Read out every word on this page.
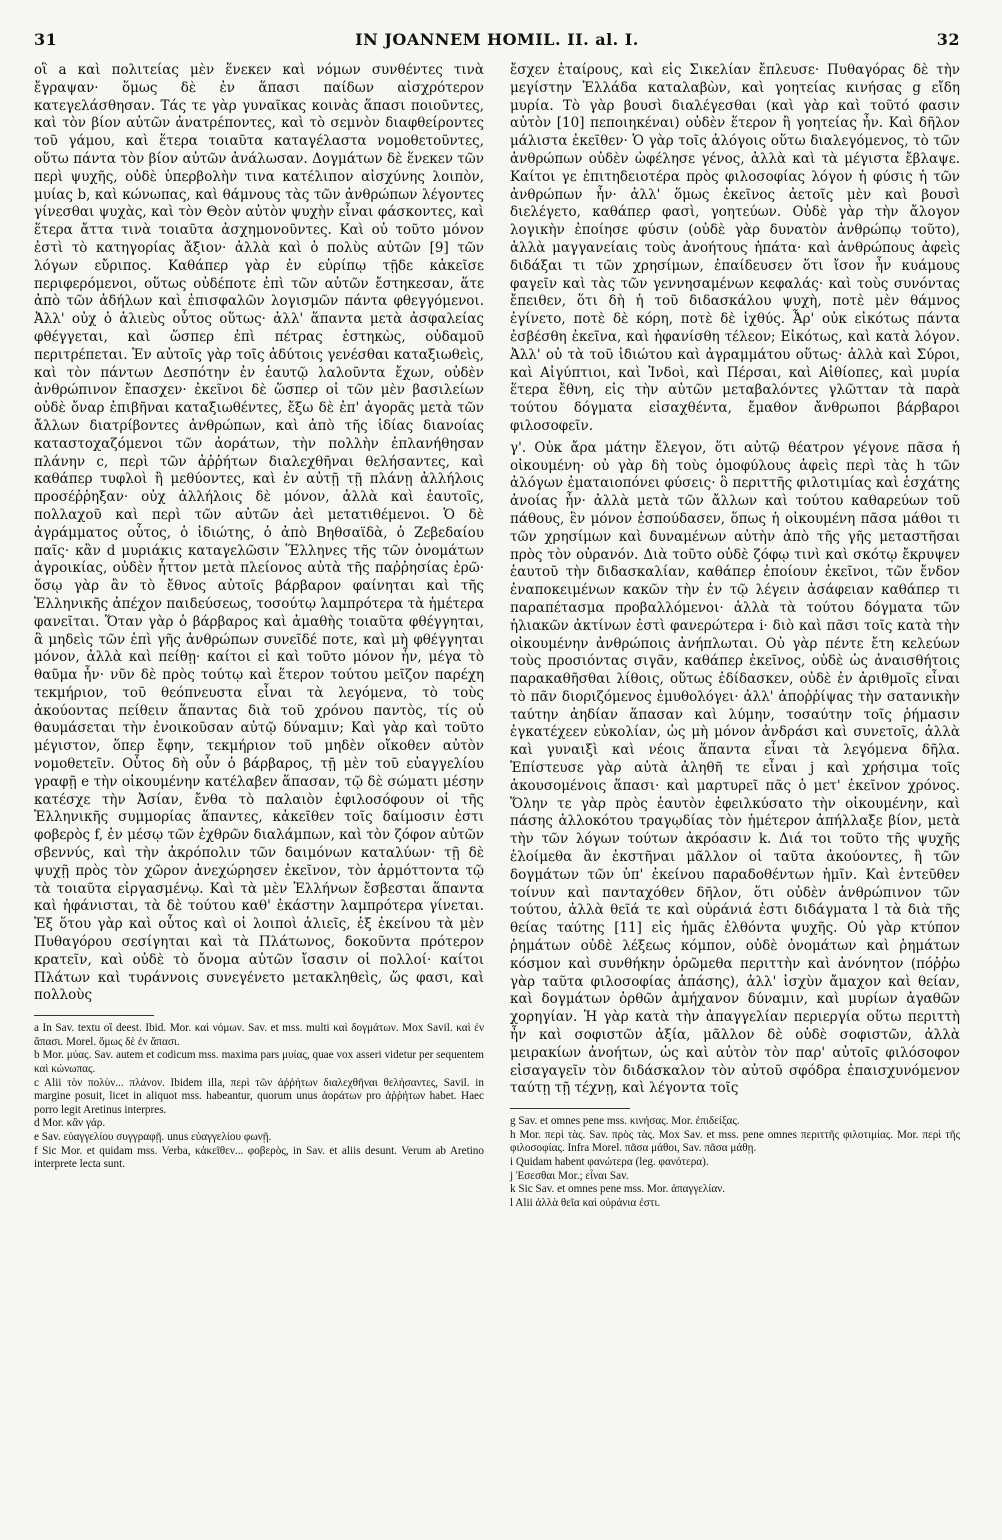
31	IN JOANNEM HOMIL. II. al. I.	32

οἳ a καὶ πολιτείας μὲν ἕνεκεν καὶ νόμων συνθέντες τινὰ ἔγραψαν· ὅμως δὲ ἐν ἅπασι παίδων αἰσχρότερον κατεγελάσθησαν. Τάς τε γὰρ γυναῖκας κοινὰς ἅπασι ποιοῦντες, καὶ τὸν βίον αὐτῶν ἀνατρέποντες, καὶ τὸ σεμνὸν διαφθείροντες τοῦ γάμου, καὶ ἕτερα τοιαῦτα καταγέλαστα νομοθετοῦντες, οὕτω πάντα τὸν βίον αὐτῶν ἀνάλωσαν. Δογμάτων δὲ ἕνεκεν τῶν περὶ ψυχῆς, οὐδὲ ὑπερβολὴν τινα κατέλιπον αἰσχύνης λοιπὸν, μυίας b, καὶ κώνωπας, καὶ θάμνους τὰς τῶν ἀνθρώπων λέγοντες γίνεσθαι ψυχὰς, καὶ τὸν Θεὸν αὐτὸν ψυχὴν εἶναι φάσκοντες, καὶ ἕτερα ἄττα τινὰ τοιαῦτα ἀσχημονοῦντες. Καὶ οὐ τοῦτο μόνον ἐστὶ τὸ κατηγορίας ἄξιον· ἀλλὰ καὶ ὁ πολὺς αὐτῶν [9] τῶν λόγων εὔριπος. Καθάπερ γὰρ ἐν εὐρίπῳ τῇδε κἀκεῖσε περιφερόμενοι, οὕτως οὐδέποτε ἐπὶ τῶν αὐτῶν ἔστηκεσαν, ἅτε ἀπὸ τῶν ἀδήλων καὶ ἐπισφαλῶν λογισμῶν πάντα φθεγγόμενοι. Ἀλλ' οὐχ ὁ ἁλιεὺς οὗτος οὕτως· ἀλλ' ἅπαντα μετὰ ἀσφαλείας φθέγγεται, καὶ ὥσπερ ἐπὶ πέτρας ἑστηκὼς, οὐδαμοῦ περιτρέπεται. Ἐν αὐτοῖς γὰρ τοῖς ἀδύτοις γενέσθαι καταξιωθεὶς, καὶ τὸν πάντων Δεσπότην ἐν ἑαυτῷ λαλοῦντα ἔχων, οὐδὲν ἀνθρώπινον ἔπασχεν· ἐκεῖνοι δὲ ὥσπερ οἱ τῶν μὲν βασιλείων οὐδὲ ὄναρ ἐπιβῆναι καταξιωθέντες, ἔξω δὲ ἐπ' ἀγορᾶς μετὰ τῶν ἄλλων διατρίβοντες ἀνθρώπων, καὶ ἀπὸ τῆς ἰδίας διανοίας καταστοχαζόμενοι τῶν ἀοράτων, τὴν πολλὴν ἐπλανήθησαν πλάνην c, περὶ τῶν ἀῤῥήτων διαλεχθῆναι θελήσαντες, καὶ καθάπερ τυφλοὶ ἢ μεθύοντες, καὶ ἐν αὐτῇ τῇ πλάνῃ ἀλλήλοις προσέῤῥηξαν· οὐχ ἀλλήλοις δὲ μόνον, ἀλλὰ καὶ ἑαυτοῖς, πολλαχοῦ καὶ περὶ τῶν αὐτῶν ἀεὶ μετατιθέμενοι. Ὁ δὲ ἀγράμματος οὗτος, ὁ ἰδιώτης, ὁ ἀπὸ Βηθσαϊδὰ, ὁ Ζεβεδαίου παῖς· κἂν d μυριάκις καταγελῶσιν Ἕλληνες τῆς τῶν ὀνομάτων ἀγροικίας, οὐδὲν ἧττον μετὰ πλείονος αὐτὰ τῆς παῤῥησίας ἐρῶ· ὅσῳ γὰρ ἂν τὸ ἔθνος αὐτοῖς βάρβαρον φαίνηται καὶ τῆς Ἑλληνικῆς ἀπέχον παιδεύσεως, τοσούτῳ λαμπρότερα τὰ ἡμέτερα φανεῖται. Ὅταν γὰρ ὁ βάρβαρος καὶ ἀμαθὴς τοιαῦτα φθέγγηται, ἃ μηδεὶς τῶν ἐπὶ γῆς ἀνθρώπων συνεῖδέ ποτε, καὶ μὴ φθέγγηται μόνον, ἀλλὰ καὶ πείθῃ· καίτοι εἰ καὶ τοῦτο μόνον ἦν, μέγα τὸ θαῦμα ἦν· νῦν δὲ πρὸς τούτῳ καὶ ἕτερον τούτου μεῖζον παρέχη τεκμήριον, τοῦ θεόπνευστα εἶναι τὰ λεγόμενα, τὸ τοὺς ἀκούοντας πείθειν ἅπαντας διὰ τοῦ χρόνου παντὸς, τίς οὐ θαυμάσεται τὴν ἐνοικοῦσαν αὐτῷ δύναμιν; Καὶ γὰρ καὶ τοῦτο μέγιστον, ὅπερ ἔφην, τεκμήριον τοῦ μηδὲν οἴκοθεν αὐτὸν νομοθετεῖν. Οὗτος δὴ οὖν ὁ βάρβαρος, τῇ μὲν τοῦ εὐαγγελίου γραφῇ e τὴν οἰκουμένην κατέλαβεν ἅπασαν, τῷ δὲ σώματι μέσην κατέσχε τὴν Ἀσίαν, ἔνθα τὸ παλαιὸν ἐφιλοσόφουν οἱ τῆς Ἑλληνικῆς συμμορίας ἅπαντες, κἀκεῖθεν τοῖς δαίμοσιν ἐστι φοβερὸς f, ἐν μέσῳ τῶν ἐχθρῶν διαλάμπων, καὶ τὸν ζόφον αὐτῶν σβεννύς, καὶ τὴν ἀκρόπολιν τῶν δαιμόνων καταλύων· τῇ δὲ ψυχῇ πρὸς τὸν χῶρον ἀνεχώρησεν ἐκεῖνον, τὸν ἁρμόττοντα τῷ τὰ τοιαῦτα εἰργασμένῳ. Καὶ τὰ μὲν Ἑλλήνων ἔσβεσται ἅπαντα καὶ ἠφάνισται, τὰ δὲ τούτου καθ' ἑκάστην λαμπρότερα γίνεται. Ἐξ ὅτου γὰρ καὶ οὗτος καὶ οἱ λοιποὶ ἁλιεῖς, ἐξ ἐκείνου τὰ μὲν Πυθαγόρου σεσίγηται καὶ τὰ Πλάτωνος, δοκοῦντα πρότερον κρατεῖν, καὶ οὐδὲ τὸ ὄνομα αὐτῶν ἴσασιν οἱ πολλοί· καίτοι Πλάτων καὶ τυράννοις συνεγένετο μετακληθεὶς, ὥς φασι, καὶ πολλοὺς

a In Sav. textu οἳ deest. Ibid. Mor. καὶ νόμων. Sav. et mss. multi καὶ δογμάτων. Mox Savil. καὶ ἐν ἅπασι. Morel. ὅμως δὲ ἐν ἅπασι.

b Mor. μύας. Sav. autem et codicum mss. maxima pars μυίας, quae vox asseri videtur per sequentem καὶ κώνωπας.

c Alii τὸν πολὺν... πλάνον. Ibidem illa, περὶ τῶν ἀῤῥήτων διαλεχθῆναι θελήσαντες, Savil. in margine posuit, licet in aliquot mss. habeantur, quorum unus ἀοράτων pro ἀῤῥήτων habet. Haec porro legit Aretinus interpres.

d Mor. κἂν γάρ.

e Sav. εὐαγγελίου συγγραφῇ. unus εὐαγγελίου φωνῇ.

f Sic Mor. et quidam mss. Verba, κἀκεῖθεν... φοβερὸς, in Sav. et aliis desunt. Verum ab Aretino interprete lecta sunt.

ἔσχεν ἑταίρους, καὶ εἰς Σικελίαν ἔπλευσε· Πυθαγόρας δὲ τὴν μεγίστην Ἑλλάδα καταλαβὼν, καὶ γοητείας κινήσας g εἴδη μυρία. Τὸ γὰρ βουσὶ διαλέγεσθαι (καὶ γὰρ καὶ τοῦτό φασιν αὐτὸν [10] πεποιηκέναι) οὐδὲν ἕτερον ἢ γοητείας ἦν. Καὶ δῆλον μάλιστα ἐκεῖθεν· Ὁ γὰρ τοῖς ἀλόγοις οὕτω διαλεγόμενος, τὸ τῶν ἀνθρώπων οὐδὲν ὠφέλησε γένος, ἀλλὰ καὶ τὰ μέγιστα ἔβλαψε. Καίτοι γε ἐπιτηδειοτέρα πρὸς φιλοσοφίας λόγον ἡ φύσις ἡ τῶν ἀνθρώπων ἦν· ἀλλ' ὅμως ἐκεῖνος ἀετοῖς μὲν καὶ βουσὶ διελέγετο, καθάπερ φασὶ, γοητεύων. Οὐδὲ γὰρ τὴν ἄλογον λογικὴν ἐποίησε φύσιν (οὐδὲ γὰρ δυνατὸν ἀνθρώπῳ τοῦτο), ἀλλὰ μαγγανείαις τοὺς ἀνοήτους ἠπάτα· καὶ ἀνθρώπους ἀφεὶς διδάξαι τι τῶν χρησίμων, ἐπαίδευσεν ὅτι ἴσον ἦν κυάμους φαγεῖν καὶ τὰς τῶν γεννησαμένων κεφαλάς· καὶ τοὺς συνόντας ἔπειθεν, ὅτι δὴ ἡ τοῦ διδασκάλου ψυχὴ, ποτὲ μὲν θάμνος ἐγίνετο, ποτὲ δὲ κόρη, ποτὲ δὲ ἰχθύς. Ἆρ' οὐκ εἰκότως πάντα ἐσβέσθη ἐκεῖνα, καὶ ἠφανίσθη τέλεον; Εἰκότως, καὶ κατὰ λόγον. Ἀλλ' οὐ τὰ τοῦ ἰδιώτου καὶ ἀγραμμάτου οὕτως· ἀλλὰ καὶ Σύροι, καὶ Αἰγύπτιοι, καὶ Ἰνδοὶ, καὶ Πέρσαι, καὶ Αἰθίοπες, καὶ μυρία ἕτερα ἔθνη, εἰς τὴν αὐτῶν μεταβαλόντες γλῶτταν τὰ παρὰ τούτου δόγματα εἰσαχθέντα, ἔμαθον ἄνθρωποι βάρβαροι φιλοσοφεῖν.

γ'. Οὐκ ἄρα μάτην ἔλεγον, ὅτι αὐτῷ θέατρον γέγονε πᾶσα ἡ οἰκουμένη· οὐ γὰρ δὴ τοὺς ὁμοφύλους ἀφεὶς περὶ τὰς h τῶν ἀλόγων ἐματαιοπόνει φύσεις· ὃ περιττῆς φιλοτιμίας καὶ ἐσχάτης ἀνοίας ἦν· ἀλλὰ μετὰ τῶν ἄλλων καὶ τούτου καθαρεύων τοῦ πάθους, ἓν μόνον ἐσπούδασεν, ὅπως ἡ οἰκουμένη πᾶσα μάθοι τι τῶν χρησίμων καὶ δυναμένων αὐτὴν ἀπὸ τῆς γῆς μεταστῆσαι πρὸς τὸν οὐρανόν. Διὰ τοῦτο οὐδὲ ζόφῳ τινὶ καὶ σκότῳ ἔκρυψεν ἑαυτοῦ τὴν διδασκαλίαν, καθάπερ ἐποίουν ἐκεῖνοι, τῶν ἔνδον ἐναποκειμένων κακῶν τὴν ἐν τῷ λέγειν ἀσάφειαν καθάπερ τι παραπέτασμα προβαλλόμενοι· ἀλλὰ τὰ τούτου δόγματα τῶν ἡλιακῶν ἀκτίνων ἐστὶ φανερώτερα i· διὸ καὶ πᾶσι τοῖς κατὰ τὴν οἰκουμένην ἀνθρώποις ἀνήπλωται. Οὐ γὰρ πέντε ἔτη κελεύων τοὺς προσιόντας σιγᾶν, καθάπερ ἐκεῖνος, οὐδὲ ὡς ἀναισθήτοις παρακαθῆσθαι λίθοις, οὕτως ἐδίδασκεν, οὐδὲ ἐν ἀριθμοῖς εἶναι τὸ πᾶν διοριζόμενος ἐμυθολόγει· ἀλλ' ἀποῤῥίψας τὴν σατανικὴν ταύτην ἀηδίαν ἅπασαν καὶ λύμην, τοσαύτην τοῖς ῥήμασιν ἐγκατέχεεν εὐκολίαν, ὡς μὴ μόνον ἀνδράσι καὶ συνετοῖς, ἀλλὰ καὶ γυναιξὶ καὶ νέοις ἅπαντα εἶναι τὰ λεγόμενα δῆλα. Ἐπίστευσε γὰρ αὐτὰ ἀληθῆ τε εἶναι j καὶ χρήσιμα τοῖς ἀκουσομένοις ἅπασι· καὶ μαρτυρεῖ πᾶς ὁ μετ' ἐκεῖνον χρόνος. Ὅλην τε γὰρ πρὸς ἑαυτὸν ἐφειλκύσατο τὴν οἰκουμένην, καὶ πάσης ἀλλοκότου τραγῳδίας τὸν ἡμέτερον ἀπήλλαξε βίον, μετὰ τὴν τῶν λόγων τούτων ἀκρόασιν k. Διά τοι τοῦτο τῆς ψυχῆς ἑλοίμεθα ἂν ἐκστῆναι μᾶλλον οἱ ταῦτα ἀκούοντες, ἢ τῶν δογμάτων τῶν ὑπ' ἐκείνου παραδοθέντων ἡμῖν. Καὶ ἐντεῦθεν τοίνυν καὶ πανταχόθεν δῆλον, ὅτι οὐδὲν ἀνθρώπινον τῶν τούτου, ἀλλὰ θεῖά τε καὶ οὐράνιά ἐστι διδάγματα l τὰ διὰ τῆς θείας ταύτης [11] εἰς ἡμᾶς ἐλθόντα ψυχῆς. Οὐ γὰρ κτύπον ῥημάτων οὐδὲ λέξεως κόμπον, οὐδὲ ὀνομάτων καὶ ῥημάτων κόσμον καὶ συνθήκην ὁρῶμεθα περιττὴν καὶ ἀνόνητον (πόῤῥω γὰρ ταῦτα φιλοσοφίας ἁπάσης), ἀλλ' ἰσχὺν ἄμαχον καὶ θείαν, καὶ δογμάτων ὀρθῶν ἀμήχανον δύναμιν, καὶ μυρίων ἀγαθῶν χορηγίαν. Ἡ γὰρ κατὰ τὴν ἀπαγγελίαν περιεργία οὕτω περιττὴ ἦν καὶ σοφιστῶν ἀξία, μᾶλλον δὲ οὐδὲ σοφιστῶν, ἀλλὰ μειρακίων ἀνοήτων, ὡς καὶ αὐτὸν τὸν παρ' αὐτοῖς φιλόσοφον εἰσαγαγεῖν τὸν διδάσκαλον τὸν αὐτοῦ σφόδρα ἐπαισχυνόμενον ταύτῃ τῇ τέχνῃ, καὶ λέγοντα τοῖς

g Sav. et omnes pene mss. κινήσας. Mor. ἐπιδείξας.

h Mor. περὶ τὰς. Sav. πρὸς τὰς. Mox Sav. et mss. pene omnes περιττῆς φιλοτιμίας. Mor. περὶ τῆς φιλοσοφίας. Infra Morel. πᾶσα μάθοι, Sav. πᾶσα μάθῃ.

i Quidam habent φανώτερα (leg. φανότερα).

j Ἐσεσθαι Mor.; εἶναι Sav.

k Sic Sav. et omnes pene mss. Mor. ἀπαγγελίαν.

l Alii ἀλλὰ θεῖα καὶ οὐράνια ἐστι.
